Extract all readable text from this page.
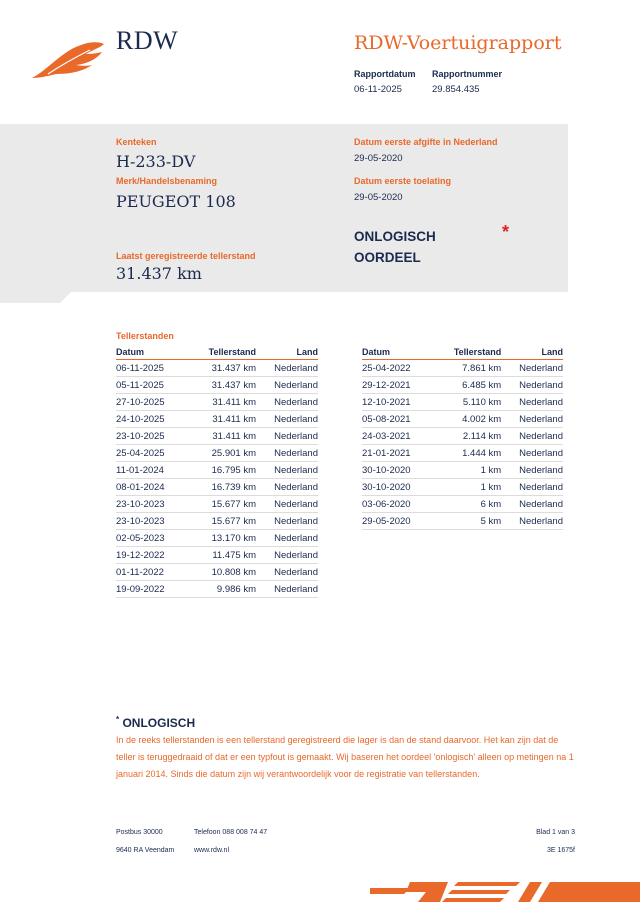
RDW	RDW-Voertuigrapport
Rapportdatum
06-11-2025
Rapportnummer
29.854.435
Kenteken
H-233-DV
Merk/Handelsbenaming
PEUGEOT 108
Laatst geregistreerde tellerstand
31.437 km
Datum eerste afgifte in Nederland
29-05-2020
Datum eerste toelating
29-05-2020
ONLOGISCH
OORDEEL
*
Tellerstanden
Datum	Tellerstand	Land
06-11-2025	31.437 km	Nederland
05-11-2025	31.437 km	Nederland
27-10-2025	31.411 km	Nederland
24-10-2025	31.411 km	Nederland
23-10-2025	31.411 km	Nederland
25-04-2025	25.901 km	Nederland
11-01-2024	16.795 km	Nederland
08-01-2024	16.739 km	Nederland
23-10-2023	15.677 km	Nederland
23-10-2023	15.677 km	Nederland
02-05-2023	13.170 km	Nederland
19-12-2022	11.475 km	Nederland
01-11-2022	10.808 km	Nederland
19-09-2022	9.986 km	Nederland
Datum	Tellerstand	Land
25-04-2022	7.861 km	Nederland
29-12-2021	6.485 km	Nederland
12-10-2021	5.110 km	Nederland
05-08-2021	4.002 km	Nederland
24-03-2021	2.114 km	Nederland
21-01-2021	1.444 km	Nederland
30-10-2020	1 km	Nederland
30-10-2020	1 km	Nederland
03-06-2020	6 km	Nederland
29-05-2020	5 km	Nederland
* ONLOGISCH
In de reeks tellerstanden is een tellerstand geregistreerd die lager is dan de stand daarvoor. Het kan zijn dat de teller is teruggedraaid of dat er een typfout is gemaakt. Wij baseren het oordeel 'onlogisch' alleen op metingen na 1 januari 2014. Sinds die datum zijn wij verantwoordelijk voor de registratie van tellerstanden.
Postbus 30000
9640 RA Veendam
Telefoon 088 008 74 47
www.rdw.nl
Blad 1 van 3
3E 1675f
